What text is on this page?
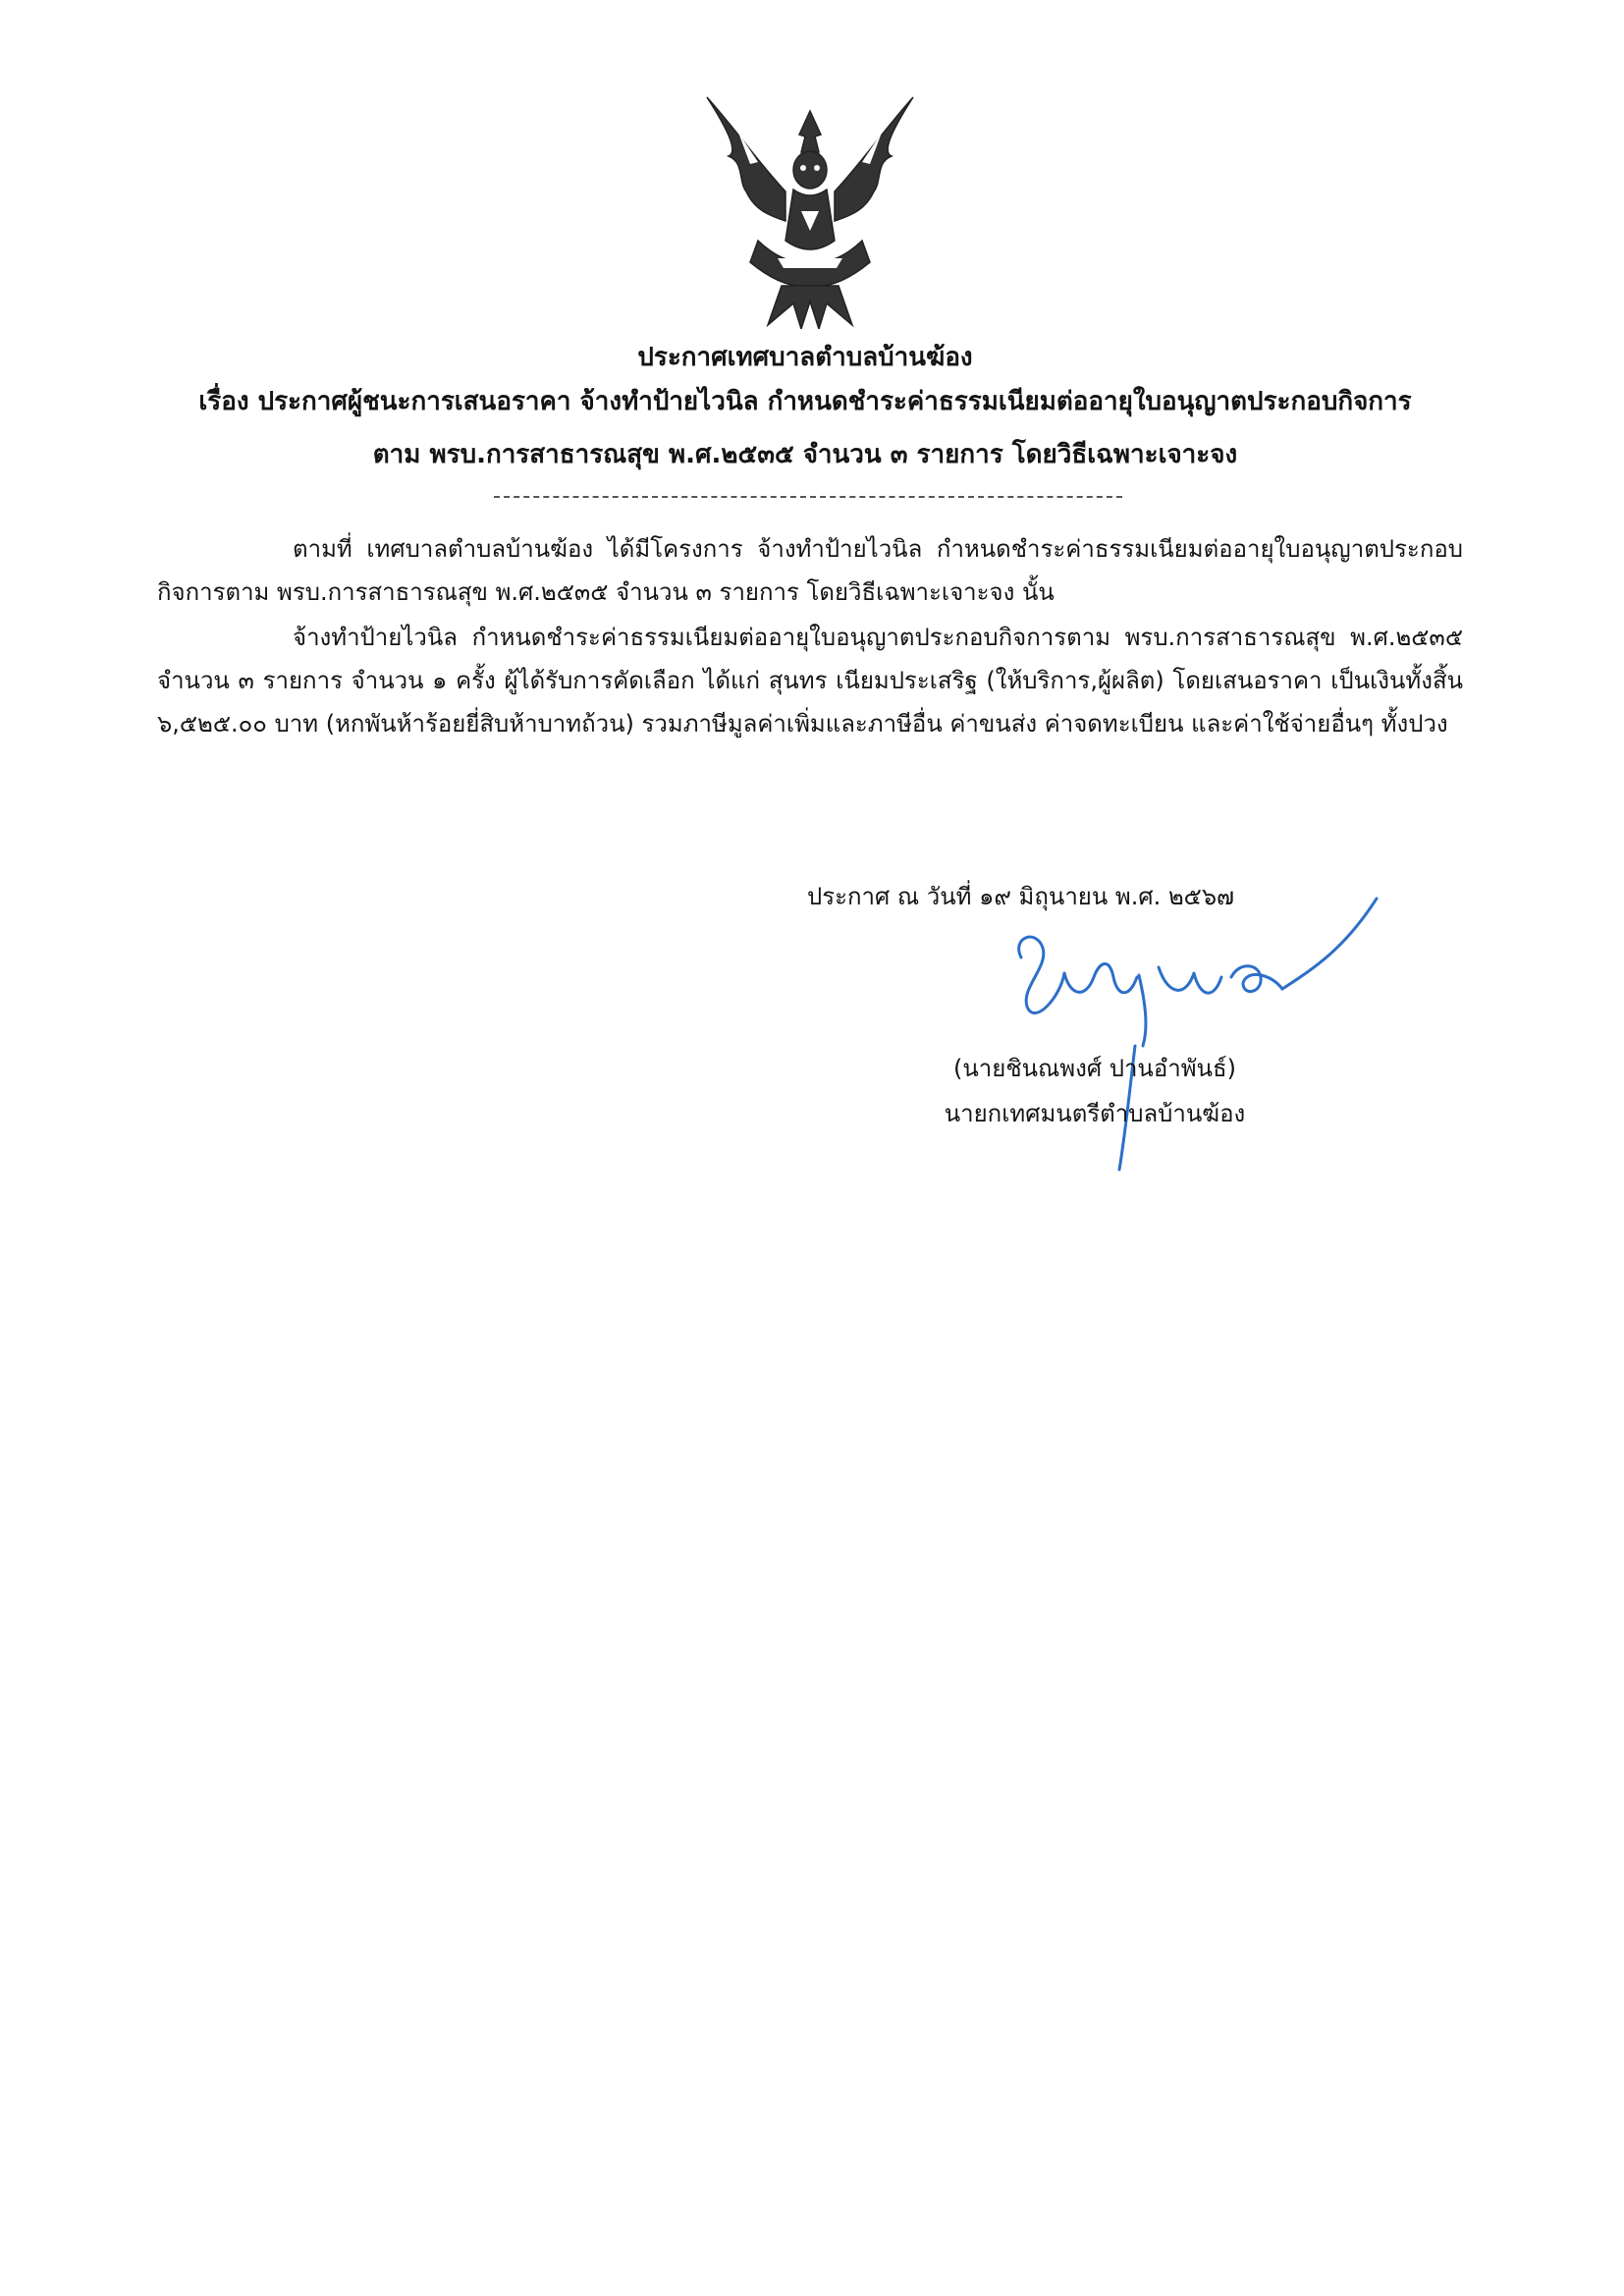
ประกาศเทศบาลตำบลบ้านฆ้อง
เรื่อง ประกาศผู้ชนะการเสนอราคา จ้างทำป้ายไวนิล กำหนดชำระค่าธรรมเนียมต่ออายุใบอนุญาตประกอบกิจการ
ตาม พรบ.การสาธารณสุข พ.ศ.๒๕๓๕ จำนวน ๓ รายการ โดยวิธีเฉพาะเจาะจง

ตามที่ เทศบาลตำบลบ้านฆ้อง ได้มีโครงการ จ้างทำป้ายไวนิล กำหนดชำระค่าธรรมเนียมต่ออายุใบอนุญาตประกอบกิจการตาม พรบ.การสาธารณสุข พ.ศ.๒๕๓๕ จำนวน ๓ รายการ โดยวิธีเฉพาะเจาะจง นั้น

จ้างทำป้ายไวนิล กำหนดชำระค่าธรรมเนียมต่ออายุใบอนุญาตประกอบกิจการตาม พรบ.การสาธารณสุข พ.ศ.๒๕๓๕ จำนวน ๓ รายการ จำนวน ๑ ครั้ง ผู้ได้รับการคัดเลือก ได้แก่ สุนทร เนียมประเสริฐ (ให้บริการ,ผู้ผลิต) โดยเสนอราคา เป็นเงินทั้งสิ้น ๖,๕๒๕.๐๐ บาท (หกพันห้าร้อยยี่สิบห้าบาทถ้วน) รวมภาษีมูลค่าเพิ่มและภาษีอื่น ค่าขนส่ง ค่าจดทะเบียน และค่าใช้จ่ายอื่นๆ ทั้งปวง

ประกาศ ณ วันที่ ๑๙ มิถุนายน พ.ศ. ๒๕๖๗
(นายชินณพงศ์ ปานอำพันธ์)
นายกเทศมนตรีตำบลบ้านฆ้อง
